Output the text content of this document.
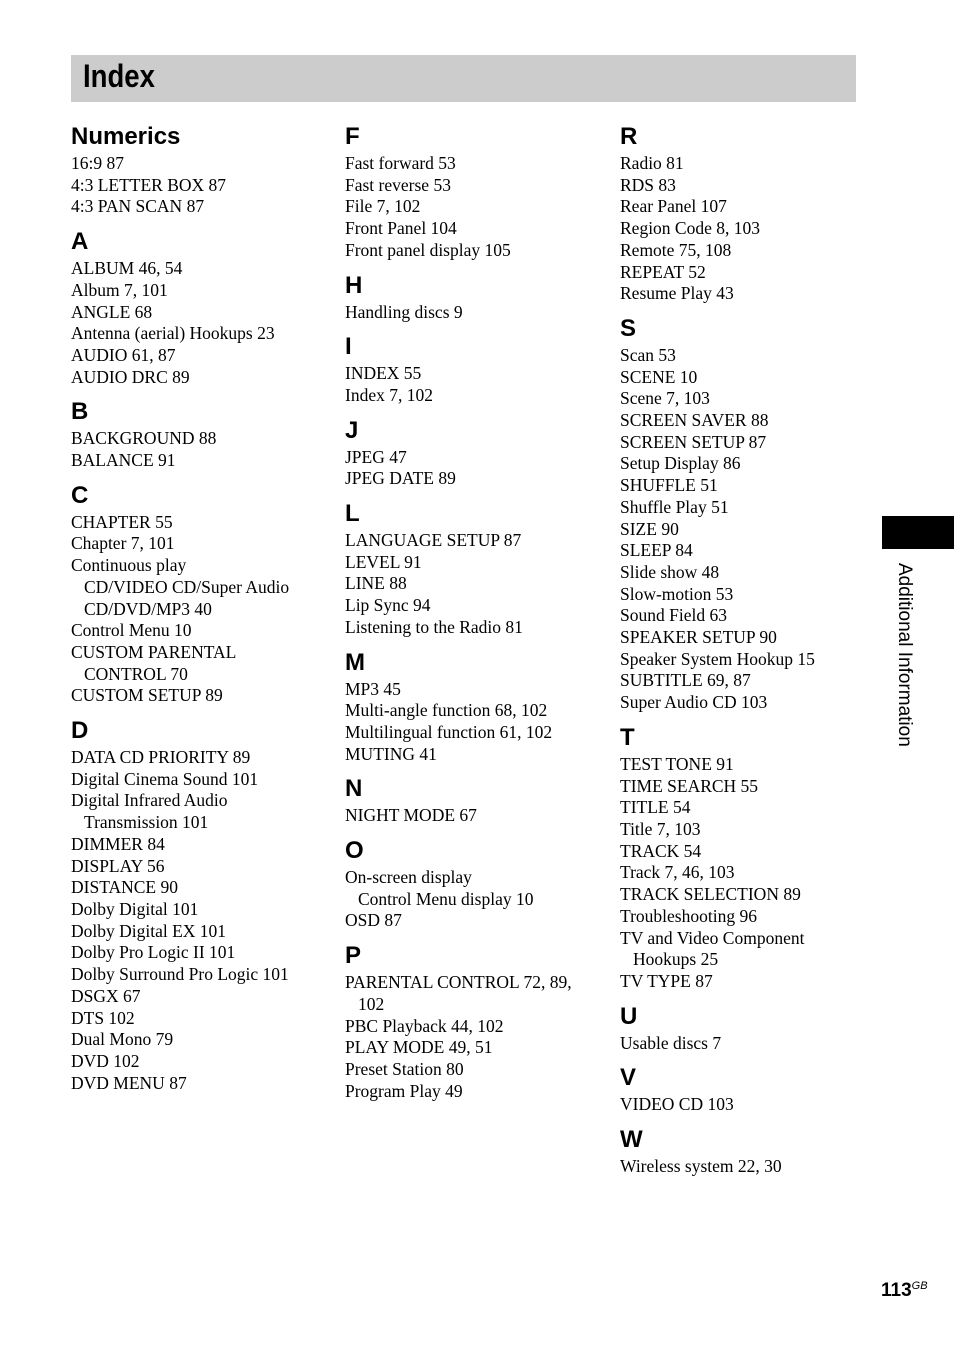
Index
Numerics
16:9 87
4:3 LETTER BOX 87
4:3 PAN SCAN 87
A
ALBUM 46, 54
Album 7, 101
ANGLE 68
Antenna (aerial) Hookups 23
AUDIO 61, 87
AUDIO DRC 89
B
BACKGROUND 88
BALANCE 91
C
CHAPTER 55
Chapter 7, 101
Continuous play
CD/VIDEO CD/Super Audio
CD/DVD/MP3 40
Control Menu 10
CUSTOM PARENTAL
CONTROL 70
CUSTOM SETUP 89
D
DATA CD PRIORITY 89
Digital Cinema Sound 101
Digital Infrared Audio
Transmission 101
DIMMER 84
DISPLAY 56
DISTANCE 90
Dolby Digital 101
Dolby Digital EX 101
Dolby Pro Logic II 101
Dolby Surround Pro Logic 101
DSGX 67
DTS 102
Dual Mono 79
DVD 102
DVD MENU 87
F
Fast forward 53
Fast reverse 53
File 7, 102
Front Panel 104
Front panel display 105
H
Handling discs 9
I
INDEX 55
Index 7, 102
J
JPEG 47
JPEG DATE 89
L
LANGUAGE SETUP 87
LEVEL 91
LINE 88
Lip Sync 94
Listening to the Radio 81
M
MP3 45
Multi-angle function 68, 102
Multilingual function 61, 102
MUTING 41
N
NIGHT MODE 67
O
On-screen display
Control Menu display 10
OSD 87
P
PARENTAL CONTROL 72, 89,
102
PBC Playback 44, 102
PLAY MODE 49, 51
Preset Station 80
Program Play 49
R
Radio 81
RDS 83
Rear Panel 107
Region Code 8, 103
Remote 75, 108
REPEAT 52
Resume Play 43
S
Scan 53
SCENE 10
Scene 7, 103
SCREEN SAVER 88
SCREEN SETUP 87
Setup Display 86
SHUFFLE 51
Shuffle Play 51
SIZE 90
SLEEP 84
Slide show 48
Slow-motion 53
Sound Field 63
SPEAKER SETUP 90
Speaker System Hookup 15
SUBTITLE 69, 87
Super Audio CD 103
T
TEST TONE 91
TIME SEARCH 55
TITLE 54
Title 7, 103
TRACK 54
Track 7, 46, 103
TRACK SELECTION 89
Troubleshooting 96
TV and Video Component
Hookups 25
TV TYPE 87
U
Usable discs 7
V
VIDEO CD 103
W
Wireless system 22, 30
Additional Information
$113^{GB}$
